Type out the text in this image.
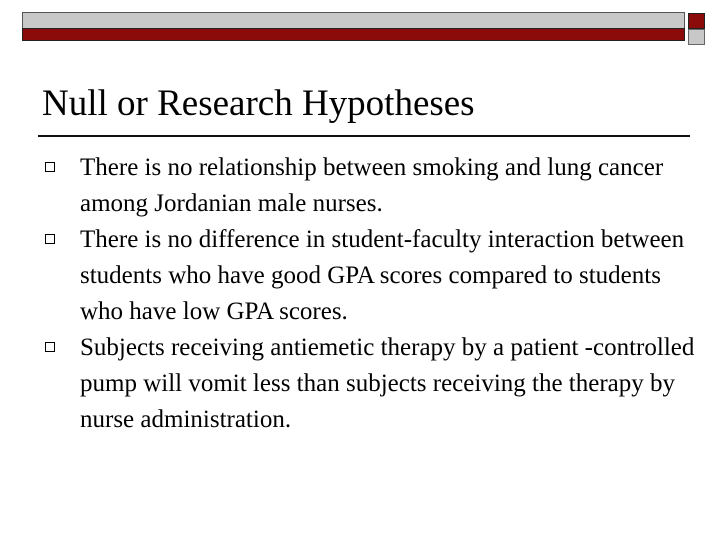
Null or Research Hypotheses
There is no relationship between smoking and lung cancer among Jordanian male nurses.
There is no difference in student-faculty interaction between students who have good GPA scores compared to students who have low GPA scores.
Subjects receiving antiemetic therapy by a patient -controlled pump will vomit less than subjects receiving the therapy by nurse administration.
